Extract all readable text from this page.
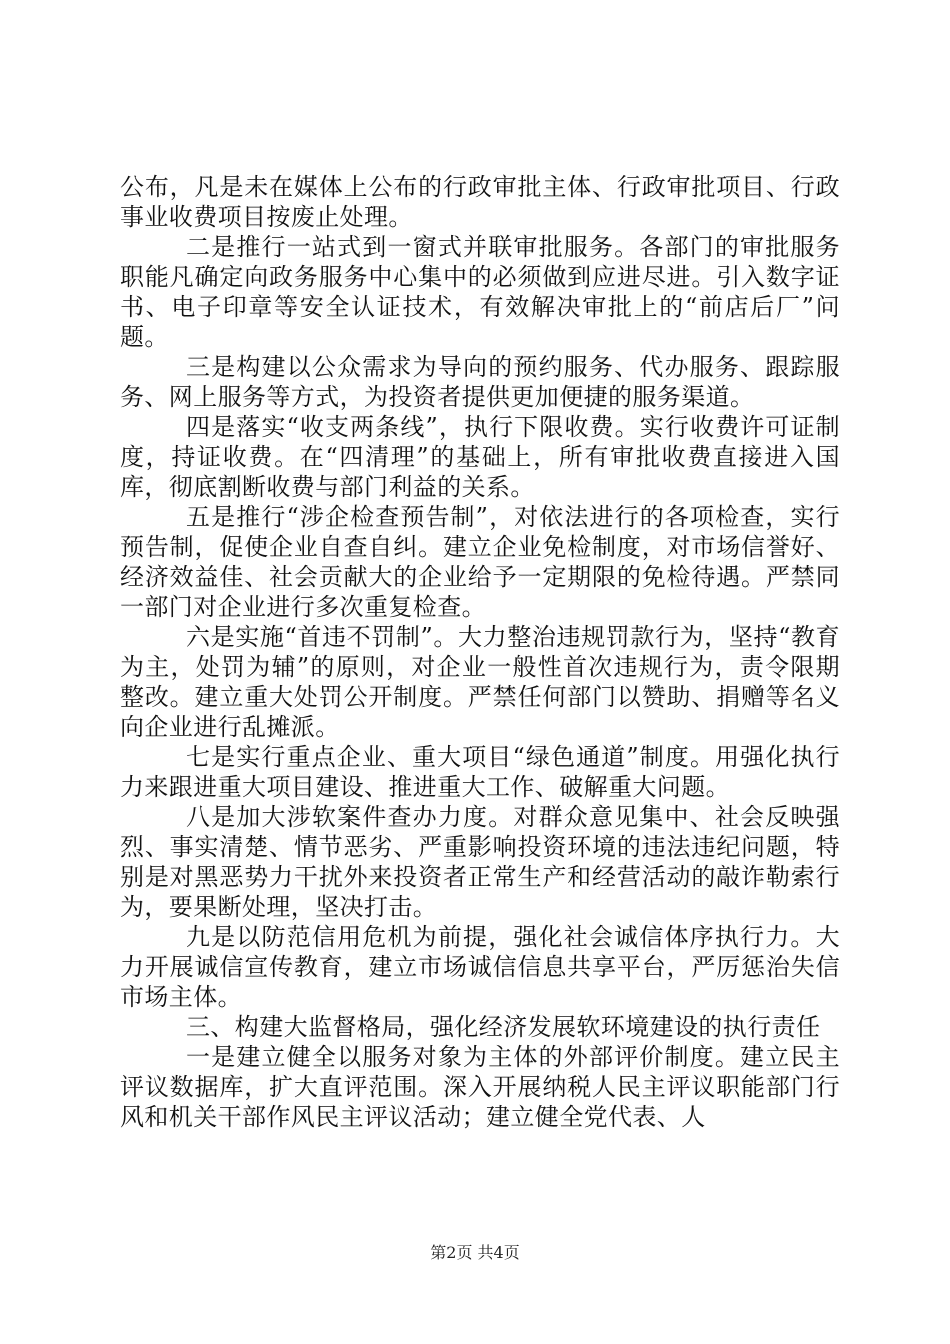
公布，凡是未在媒体上公布的行政审批主体、行政审批项目、行政事业收费项目按废止处理。

二是推行一站式到一窗式并联审批服务。各部门的审批服务职能凡确定向政务服务中心集中的必须做到应进尽进。引入数字证书、电子印章等安全认证技术，有效解决审批上的“前店后厂”问题。

三是构建以公众需求为导向的预约服务、代办服务、跟踪服务、网上服务等方式，为投资者提供更加便捷的服务渠道。

四是落实“收支两条线”，执行下限收费。实行收费许可证制度，持证收费。在“四清理”的基础上，所有审批收费直接进入国库，彻底割断收费与部门利益的关系。

五是推行“涉企检查预告制”，对依法进行的各项检查，实行预告制，促使企业自查自纠。建立企业免检制度，对市场信誉好、经济效益佳、社会贡献大的企业给予一定期限的免检待遇。严禁同一部门对企业进行多次重复检查。

六是实施“首违不罚制”。大力整治违规罚款行为，坚持“教育为主，处罚为辅”的原则，对企业一般性首次违规行为，责令限期整改。建立重大处罚公开制度。严禁任何部门以赞助、捐赠等名义向企业进行乱摊派。

七是实行重点企业、重大项目“绿色通道”制度。用强化执行力来跟进重大项目建设、推进重大工作、破解重大问题。

八是加大涉软案件查办力度。对群众意见集中、社会反映强烈、事实清楚、情节恶劣、严重影响投资环境的违法违纪问题，特别是对黑恶势力干扰外来投资者正常生产和经营活动的敲诈勒索行为，要果断处理，坚决打击。

九是以防范信用危机为前提，强化社会诚信体序执行力。大力开展诚信宣传教育，建立市场诚信信息共享平台，严厉惩治失信市场主体。

三、构建大监督格局，强化经济发展软环境建设的执行责任

一是建立健全以服务对象为主体的外部评价制度。建立民主评议数据库，扩大直评范围。深入开展纳税人民主评议职能部门行风和机关干部作风民主评议活动；建立健全党代表、人

第2页 共4页
